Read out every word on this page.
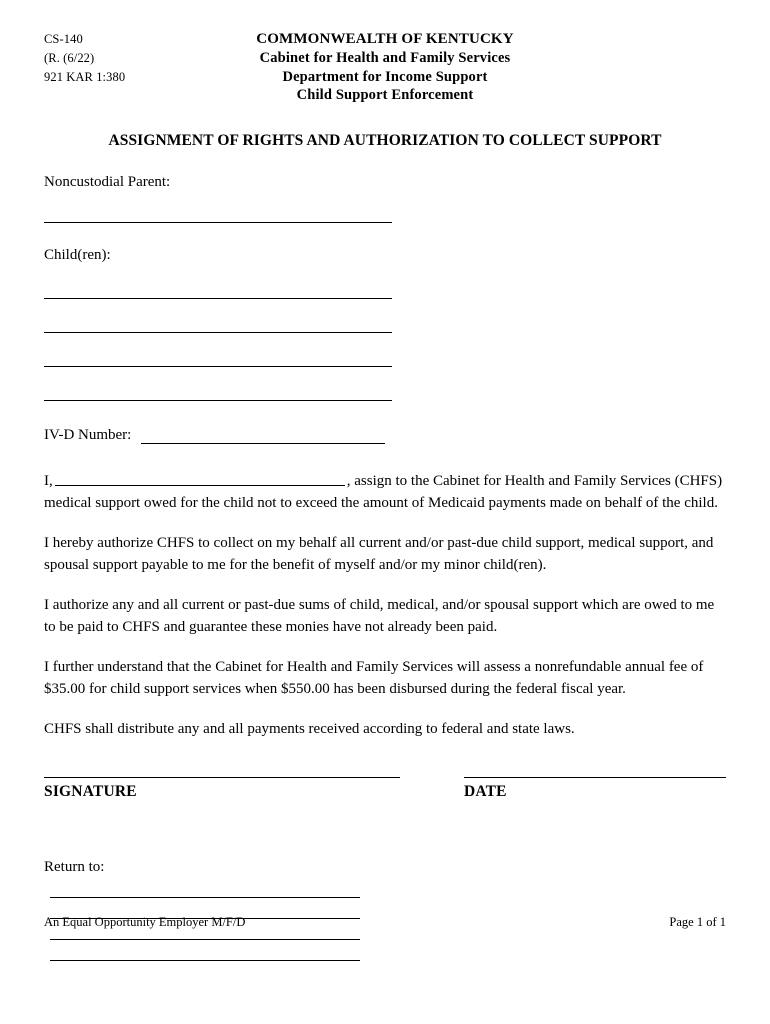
CS-140
(R. (6/22)
921 KAR 1:380
COMMONWEALTH OF KENTUCKY
Cabinet for Health and Family Services
Department for Income Support
Child Support Enforcement
ASSIGNMENT OF RIGHTS AND AUTHORIZATION TO COLLECT SUPPORT
Noncustodial Parent:
Child(ren):
IV-D Number:
I,	, assign to the Cabinet for Health and Family Services (CHFS) medical support owed for the child not to exceed the amount of Medicaid payments made on behalf of the child.
I hereby authorize CHFS to collect on my behalf all current and/or past-due child support, medical support, and spousal support payable to me for the benefit of myself and/or my minor child(ren).
I authorize any and all current or past-due sums of child, medical, and/or spousal support which are owed to me to be paid to CHFS and guarantee these monies have not already been paid.
I further understand that the Cabinet for Health and Family Services will assess a nonrefundable annual fee of $35.00 for child support services when $550.00 has been disbursed during the federal fiscal year.
CHFS shall distribute any and all payments received according to federal and state laws.
SIGNATURE	DATE
Return to:
An Equal Opportunity Employer M/F/D	Page 1 of 1
